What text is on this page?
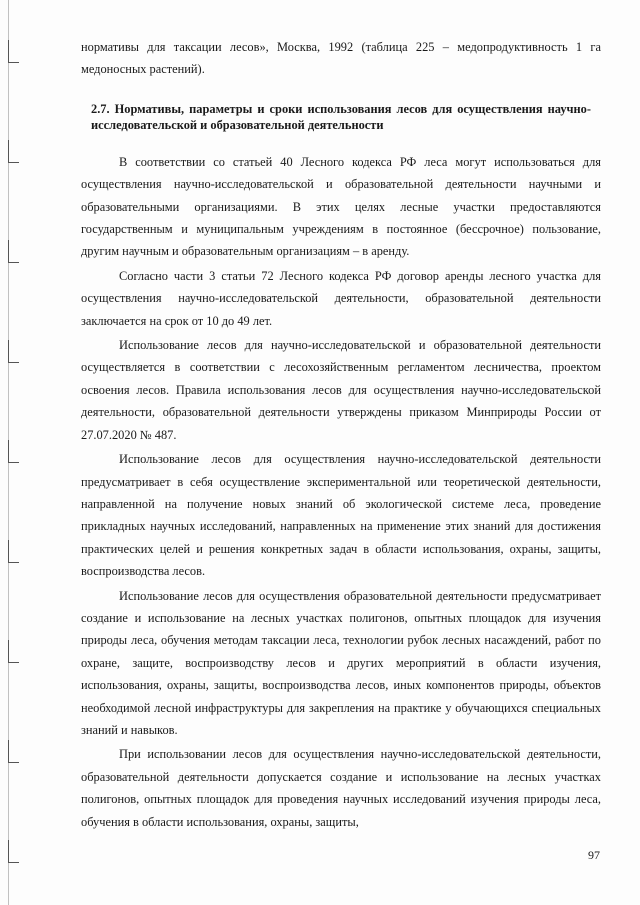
нормативы для таксации лесов», Москва, 1992 (таблица 225 – медопродуктивность 1 га медоносных растений).

2.7. Нормативы, параметры и сроки использования лесов для осуществления научно-исследовательской и образовательной деятельности

В соответствии со статьей 40 Лесного кодекса РФ леса могут использоваться для осуществления научно-исследовательской и образовательной деятельности научными и образовательными организациями. В этих целях лесные участки предоставляются государственным и муниципальным учреждениям в постоянное (бессрочное) пользование, другим научным и образовательным организациям – в аренду.

Согласно части 3 статьи 72 Лесного кодекса РФ договор аренды лесного участка для осуществления научно-исследовательской деятельности, образовательной деятельности заключается на срок от 10 до 49 лет.

Использование лесов для научно-исследовательской и образовательной деятельности осуществляется в соответствии с лесохозяйственным регламентом лесничества, проектом освоения лесов. Правила использования лесов для осуществления научно-исследовательской деятельности, образовательной деятельности утверждены приказом Минприроды России от 27.07.2020 № 487.

Использование лесов для осуществления научно-исследовательской деятельности предусматривает в себя осуществление экспериментальной или теоретической деятельности, направленной на получение новых знаний об экологической системе леса, проведение прикладных научных исследований, направленных на применение этих знаний для достижения практических целей и решения конкретных задач в области использования, охраны, защиты, воспроизводства лесов.

Использование лесов для осуществления образовательной деятельности предусматривает создание и использование на лесных участках полигонов, опытных площадок для изучения природы леса, обучения методам таксации леса, технологии рубок лесных насаждений, работ по охране, защите, воспроизводству лесов и других мероприятий в области изучения, использования, охраны, защиты, воспроизводства лесов, иных компонентов природы, объектов необходимой лесной инфраструктуры для закрепления на практике у обучающихся специальных знаний и навыков.

При использовании лесов для осуществления научно-исследовательской деятельности, образовательной деятельности допускается создание и использование на лесных участках полигонов, опытных площадок для проведения научных исследований изучения природы леса, обучения в области использования, охраны, защиты,

97
